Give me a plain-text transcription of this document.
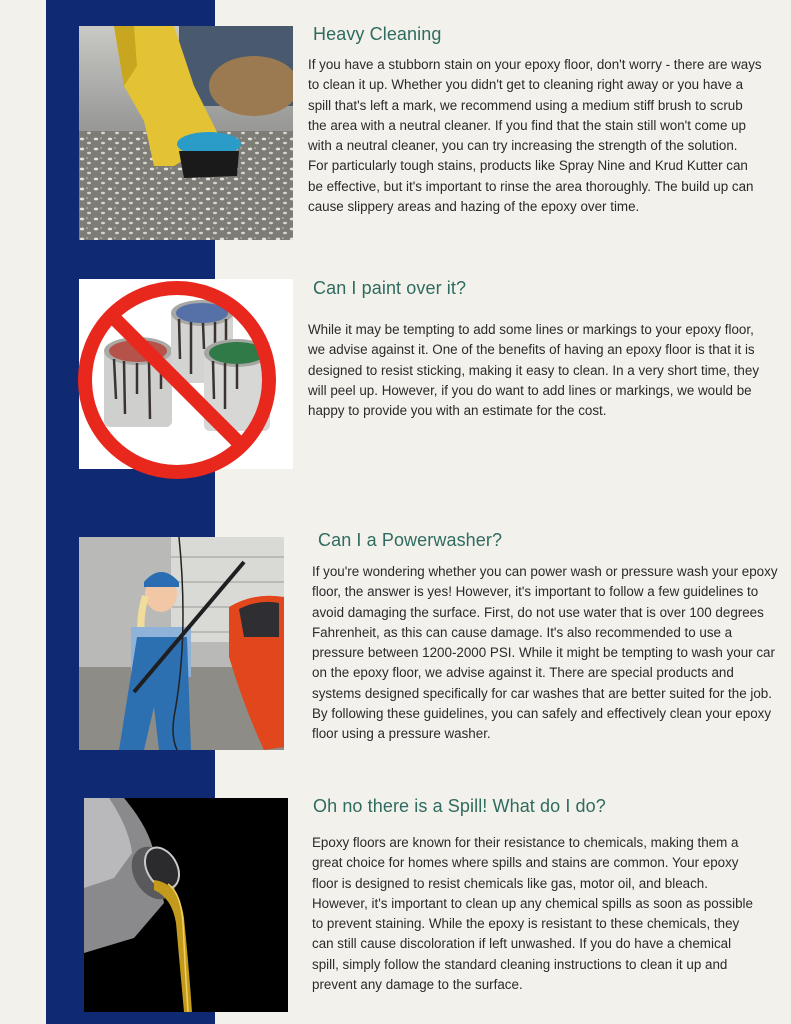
Heavy Cleaning

If you have a stubborn stain on your epoxy floor, don't worry - there are ways
to clean it up. Whether you didn't get to cleaning right away or you have a
spill that's left a mark, we recommend using a medium stiff brush to scrub
the area with a neutral cleaner. If you find that the stain still won't come up
with a neutral cleaner, you can try increasing the strength of the solution.
For particularly tough stains, products like Spray Nine and Krud Kutter can
be effective, but it's important to rinse the area thoroughly. The build up can
cause slippery areas and hazing of the epoxy over time.

Can I paint over it?

While it may be tempting to add some lines or markings to your epoxy floor,
we advise against it. One of the benefits of having an epoxy floor is that it is
designed to resist sticking, making it easy to clean. In a very short time, they
will peel up. However, if you do want to add lines or markings, we would be
happy to provide you with an estimate for the cost.

Can I a Powerwasher?

If you're wondering whether you can power wash or pressure wash your epoxy
floor, the answer is yes! However, it's important to follow a few guidelines to
avoid damaging the surface. First, do not use water that is over 100 degrees
Fahrenheit, as this can cause damage. It's also recommended to use a
pressure between 1200-2000 PSI. While it might be tempting to wash your car
on the epoxy floor, we advise against it. There are special products and
systems designed specifically for car washes that are better suited for the job.
By following these guidelines, you can safely and effectively clean your epoxy
floor using a pressure washer.

Oh no there is a Spill! What do I do?

Epoxy floors are known for their resistance to chemicals, making them a
great choice for homes where spills and stains are common. Your epoxy
floor is designed to resist chemicals like gas, motor oil, and bleach.
However, it's important to clean up any chemical spills as soon as possible
to prevent staining. While the epoxy is resistant to these chemicals, they
can still cause discoloration if left unwashed. If you do have a chemical
spill, simply follow the standard cleaning instructions to clean it up and
prevent any damage to the surface.
